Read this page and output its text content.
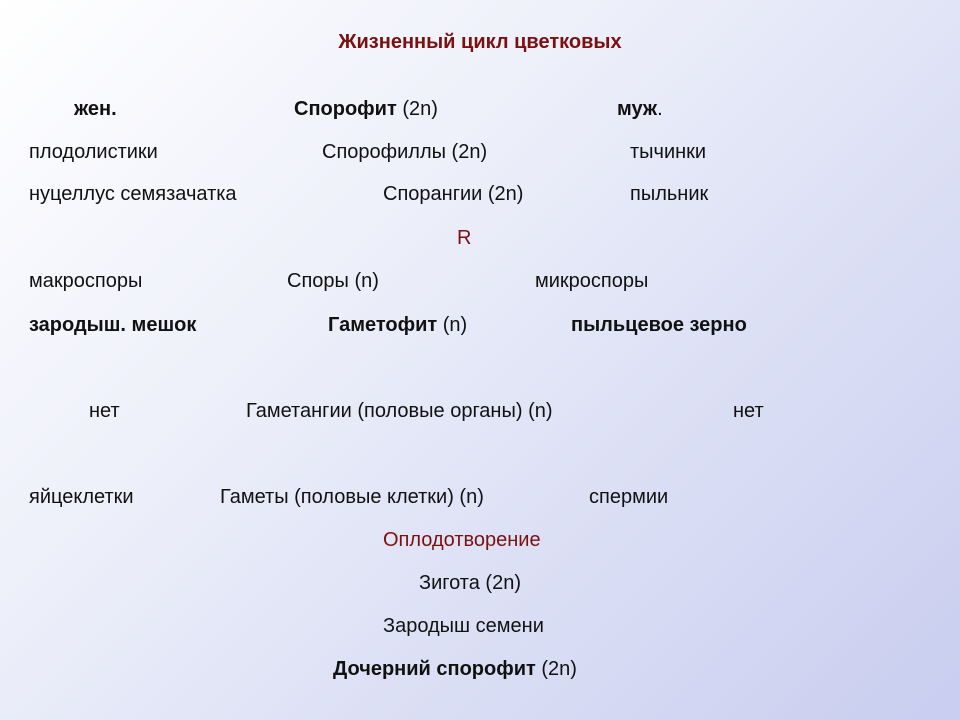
Жизненный цикл цветковых
жен.	Спорофит (2n)	муж.
плодолистики	Спорофиллы (2n)	тычинки
нуцеллус семязачатка	Спорангии (2n)	пыльник
R
макроспоры	Споры (n)	микроспоры
зародыш. мешок	Гаметофит (n)	пыльцевое зерно
нет	Гаметангии (половые органы) (n)	нет
яйцеклетки	Гаметы (половые клетки) (n)	спермии
Оплодотворение
Зигота (2n)
Зародыш семени
Дочерний спорофит (2n)
